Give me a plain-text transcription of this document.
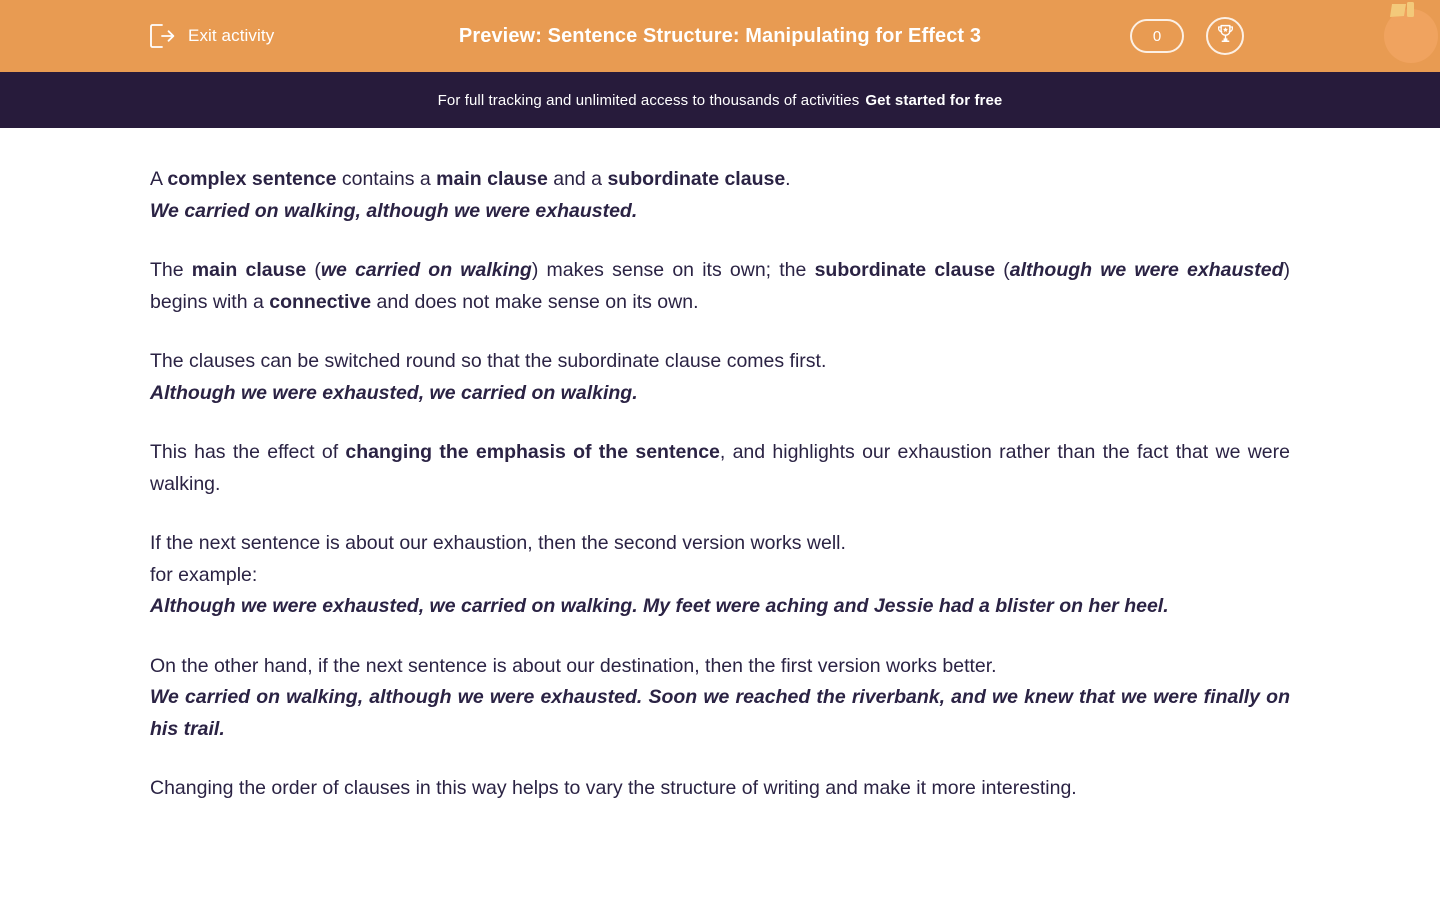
Exit activity	Preview: Sentence Structure: Manipulating for Effect 3	0
For full tracking and unlimited access to thousands of activities Get started for free

A complex sentence contains a main clause and a subordinate clause.
We carried on walking, although we were exhausted.

The main clause (we carried on walking) makes sense on its own; the subordinate clause (although we were exhausted) begins with a connective and does not make sense on its own.

The clauses can be switched round so that the subordinate clause comes first.
Although we were exhausted, we carried on walking.

This has the effect of changing the emphasis of the sentence, and highlights our exhaustion rather than the fact that we were walking.

If the next sentence is about our exhaustion, then the second version works well.
for example:
Although we were exhausted, we carried on walking. My feet were aching and Jessie had a blister on her heel.

On the other hand, if the next sentence is about our destination, then the first version works better.
We carried on walking, although we were exhausted. Soon we reached the riverbank, and we knew that we were finally on his trail.

Changing the order of clauses in this way helps to vary the structure of writing and make it more interesting.
